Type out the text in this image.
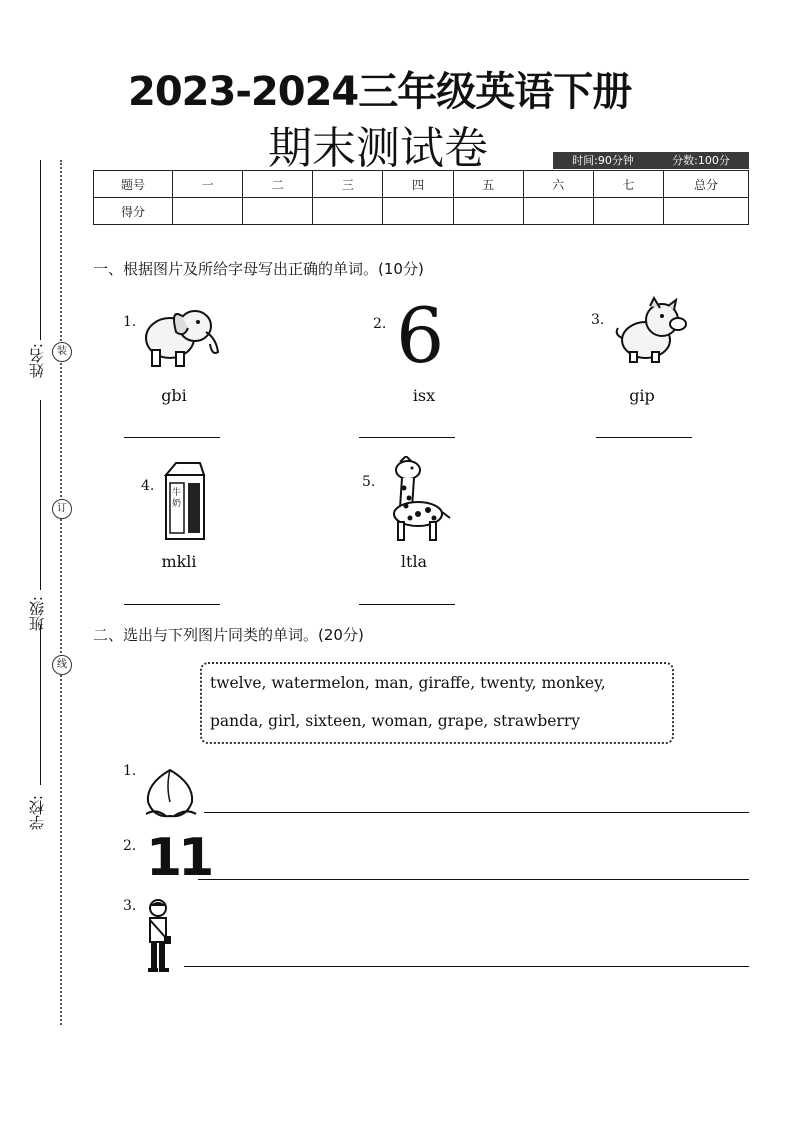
姓名:
班级:
学校:
装
订
线
2023-2024三年级英语下册
期末测试卷	时间:90分钟	分数:100分
题号	一	二	三	四	五	六	七	总分
得分								
一、根据图片及所给字母写出正确的单词。(10分)
1.
gbi
2. 6
isx
3.
gip
4. 牛奶
mkli
5.
ltla
二、选出与下列图片同类的单词。(20分)
twelve, watermelon, man, giraffe, twenty, monkey,
panda, girl, sixteen, woman, grape, strawberry
1.
2. 11
3.
